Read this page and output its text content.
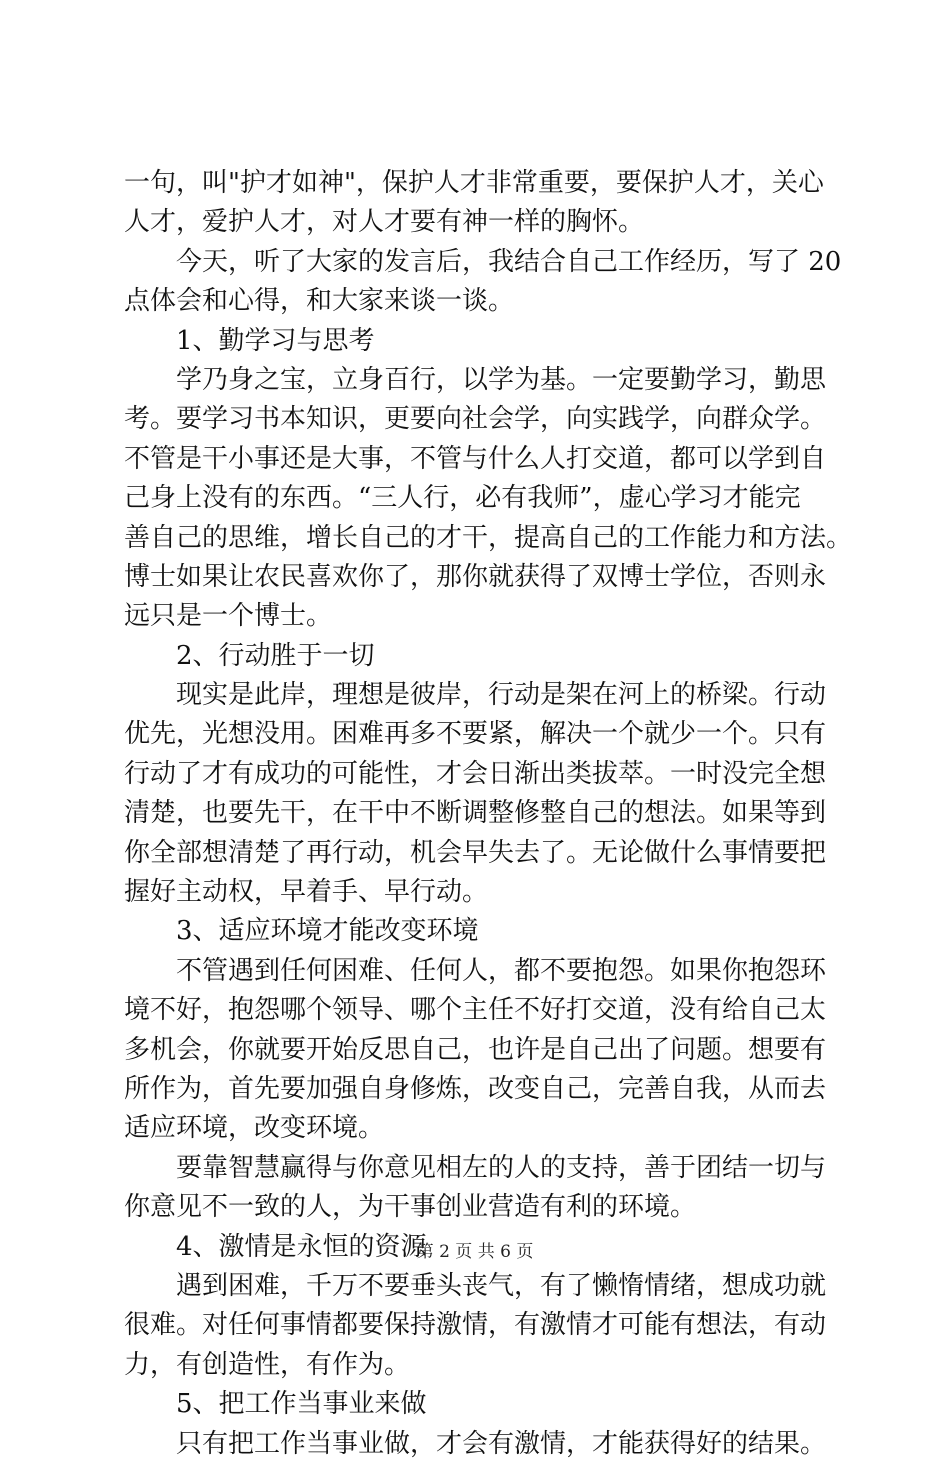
一句，叫"护才如神"，保护人才非常重要，要保护人才，关心
人才，爱护人才，对人才要有神一样的胸怀。
　　今天，听了大家的发言后，我结合自己工作经历，写了 20
点体会和心得，和大家来谈一谈。
　　1、勤学习与思考
　　学乃身之宝，立身百行，以学为基。一定要勤学习，勤思
考。要学习书本知识，更要向社会学，向实践学，向群众学。
不管是干小事还是大事，不管与什么人打交道，都可以学到自
己身上没有的东西。“三人行，必有我师”，虚心学习才能完
善自己的思维，增长自己的才干，提高自己的工作能力和方法。
博士如果让农民喜欢你了，那你就获得了双博士学位，否则永
远只是一个博士。
　　2、行动胜于一切
　　现实是此岸，理想是彼岸，行动是架在河上的桥梁。行动
优先，光想没用。困难再多不要紧，解决一个就少一个。只有
行动了才有成功的可能性，才会日渐出类拔萃。一时没完全想
清楚，也要先干，在干中不断调整修整自己的想法。如果等到
你全部想清楚了再行动，机会早失去了。无论做什么事情要把
握好主动权，早着手、早行动。
　　3、适应环境才能改变环境
　　不管遇到任何困难、任何人，都不要抱怨。如果你抱怨环
境不好，抱怨哪个领导、哪个主任不好打交道，没有给自己太
多机会，你就要开始反思自己，也许是自己出了问题。想要有
所作为，首先要加强自身修炼，改变自己，完善自我，从而去
适应环境，改变环境。
　　要靠智慧赢得与你意见相左的人的支持，善于团结一切与
你意见不一致的人，为干事创业营造有利的环境。
　　4、激情是永恒的资源
　　遇到困难，千万不要垂头丧气，有了懒惰情绪，想成功就
很难。对任何事情都要保持激情，有激情才可能有想法，有动
力，有创造性，有作为。
　　5、把工作当事业来做
　　只有把工作当事业做，才会有激情，才能获得好的结果。
第 2 页 共 6 页
